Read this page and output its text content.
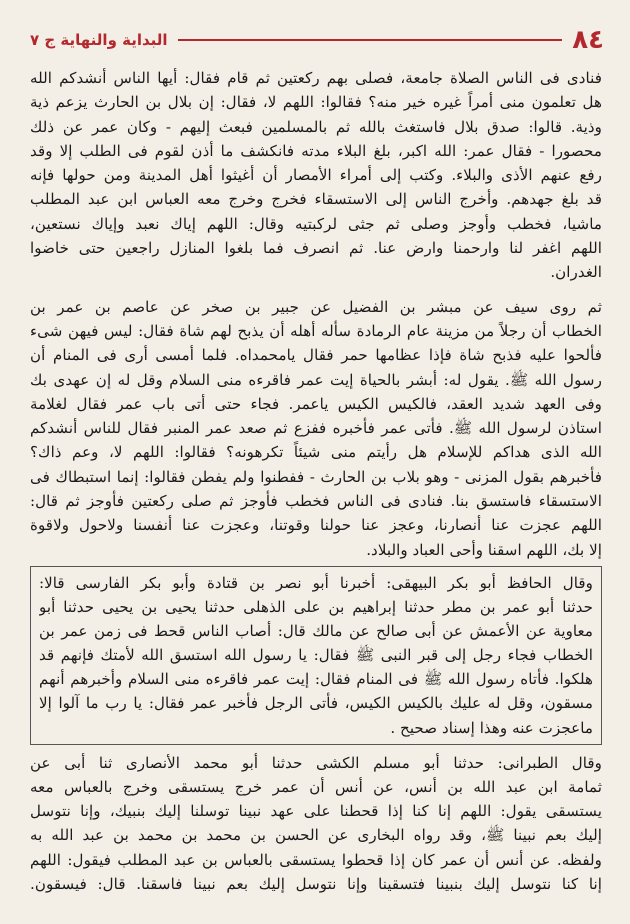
٨٤
البداية والنهاية ج ٧
فنادى فى الناس الصلاة جامعة، فصلى بهم ركعتين ثم قام فقال: أيها الناس أنشدكم الله
هل تعلمون منى أمراً غيره خير منه؟ فقالوا: اللهم لا، فقال: إن بلال بن الحارث يزعم ذية
وذية. قالوا: صدق بلال فاستغث بالله ثم بالمسلمين فبعث إليهم - وكان عمر عن ذلك
محصورا - فقال عمر: الله اكبر، بلغ البلاء مدته فانكشف ما أذن لقوم فى الطلب إلا وقد
رفع عنهم الأذى والبلاء. وكتب إلى أمراء الأمصار أن أغيثوا أهل المدينة ومن حولها فإنه
قد بلغ جهدهم. وأخرج الناس إلى الاستسقاء فخرج وخرج معه العباس ابن عبد المطلب
ماشيا، فخطب وأوجز وصلى ثم جثى لركبتيه وقال: اللهم إياك نعبد وإياك نستعين،
اللهم اغفر لنا وارحمنا وارض عنا. ثم انصرف فما بلغوا المنازل راجعين حتى خاضوا
الغدران.
ثم روى سيف عن مبشر بن الفضيل عن جبير بن صخر عن عاصم بن عمر بن
الخطاب أن رجلاً من مزينة عام الرمادة سأله أهله أن يذبح لهم شاة فقال: ليس فيهن شىء
فألحوا عليه فذبح شاة فإذا عظامها حمر فقال يامحمداه. فلما أمسى أرى فى المنام أن
رسول الله ﷺ. يقول له: أبشر بالحياة إيت عمر فاقرءه منى السلام وقل له إن عهدى بك
وفى العهد شديد العقد، فالكيس الكيس ياعمر. فجاء حتى أتى باب عمر فقال لغلامة
استاذن لرسول الله ﷺ. فأتى عمر فأخبره ففزع ثم صعد عمر المنبر فقال للناس أنشدكم
الله الذى هداكم للإسلام هل رأيتم منى شيئاً تكرهونه؟ فقالوا: اللهم لا، وعم ذاك؟
فأخبرهم بقول المزنى - وهو بلاب بن الحارث - ففطنوا ولم يفطن فقالوا: إنما استبطاك فى
الاستسقاء فاستسق بنا. فنادى فى الناس فخطب فأوجز ثم صلى ركعتين فأوجز ثم قال:
اللهم عجزت عنا أنصارنا، وعجز عنا حولنا وقوتنا، وعجزت عنا أنفسنا ولاحول ولاقوة
إلا بك، اللهم اسقنا وأحى العباد والبلاد.
وقال الحافظ أبو بكر البيهقى: أخبرنا أبو نصر بن قتادة وأبو بكر الفارسى قالا:
حدثنا أبو عمر بن مطر حدثنا إبراهيم بن على الذهلى حدثنا يحيى بن يحيى حدثنا أبو
معاوية عن الأعمش عن أبى صالح عن مالك قال: أصاب الناس قحط فى زمن عمر بن
الخطاب فجاء رجل إلى قبر النبى ﷺ فقال: يا رسول الله استسق الله لأمتك فإنهم قد
هلكوا. فأتاه رسول الله ﷺ فى المنام فقال: إيت عمر فاقرءه منى السلام وأخبرهم أنهم
مسقون، وقل له عليك بالكيس الكيس، فأتى الرجل فأخبر عمر فقال: يا رب ما آلوا إلا
ماعجزت عنه وهذا إسناد صحيح .
وقال الطبرانى: حدثنا أبو مسلم الكشى حدثنا أبو محمد الأنصارى ثنا أبى عن
ثمامة ابن عبد الله بن أنس، عن أنس أن عمر خرج يستسقى وخرج بالعباس معه
يستسقى يقول: اللهم إنا كنا إذا قحطنا على عهد نبينا توسلنا إليك بنبيك، وإنا نتوسل
إليك بعم نبينا ﷺ، وقد رواه البخارى عن الحسن بن محمد بن محمد بن عبد الله به
ولفظه. عن أنس أن عمر كان إذا قحطوا يستسقى بالعباس بن عبد المطلب فيقول: اللهم
إنا كنا نتوسل إليك بنبينا فتسقينا وإنا نتوسل إليك بعم نبينا فاسقنا. قال: فيسقون.
